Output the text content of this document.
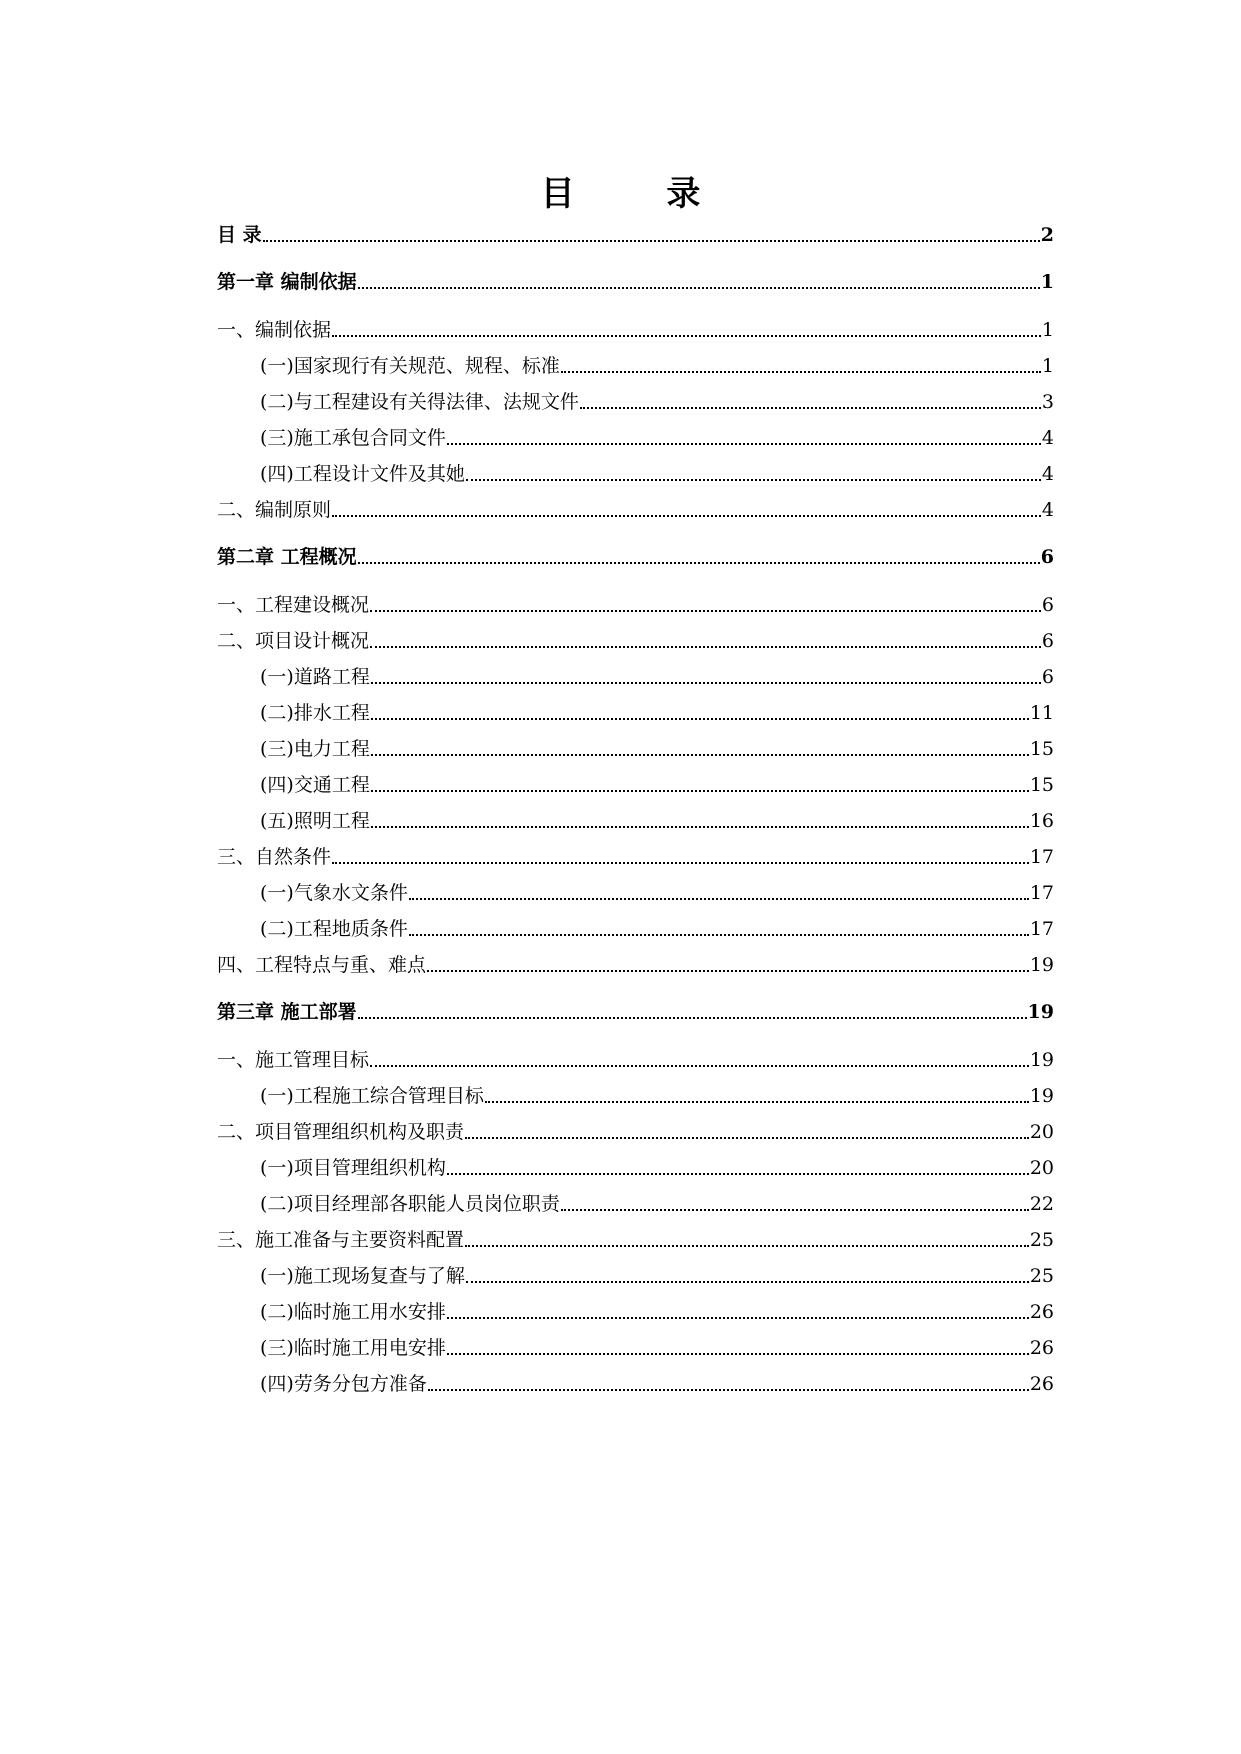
目 录
目 录	2
第一章 编制依据	1
一、编制依据	1
(一)国家现行有关规范、规程、标准	1
(二)与工程建设有关得法律、法规文件	3
(三)施工承包合同文件	4
(四)工程设计文件及其她	4
二、编制原则	4
第二章 工程概况	6
一、工程建设概况	6
二、项目设计概况	6
(一)道路工程	6
(二)排水工程	11
(三)电力工程	15
(四)交通工程	15
(五)照明工程	16
三、自然条件	17
(一)气象水文条件	17
(二)工程地质条件	17
四、工程特点与重、难点	19
第三章 施工部署	19
一、施工管理目标	19
(一)工程施工综合管理目标	19
二、项目管理组织机构及职责	20
(一)项目管理组织机构	20
(二)项目经理部各职能人员岗位职责	22
三、施工准备与主要资料配置	25
(一)施工现场复查与了解	25
(二)临时施工用水安排	26
(三)临时施工用电安排	26
(四)劳务分包方准备	26
